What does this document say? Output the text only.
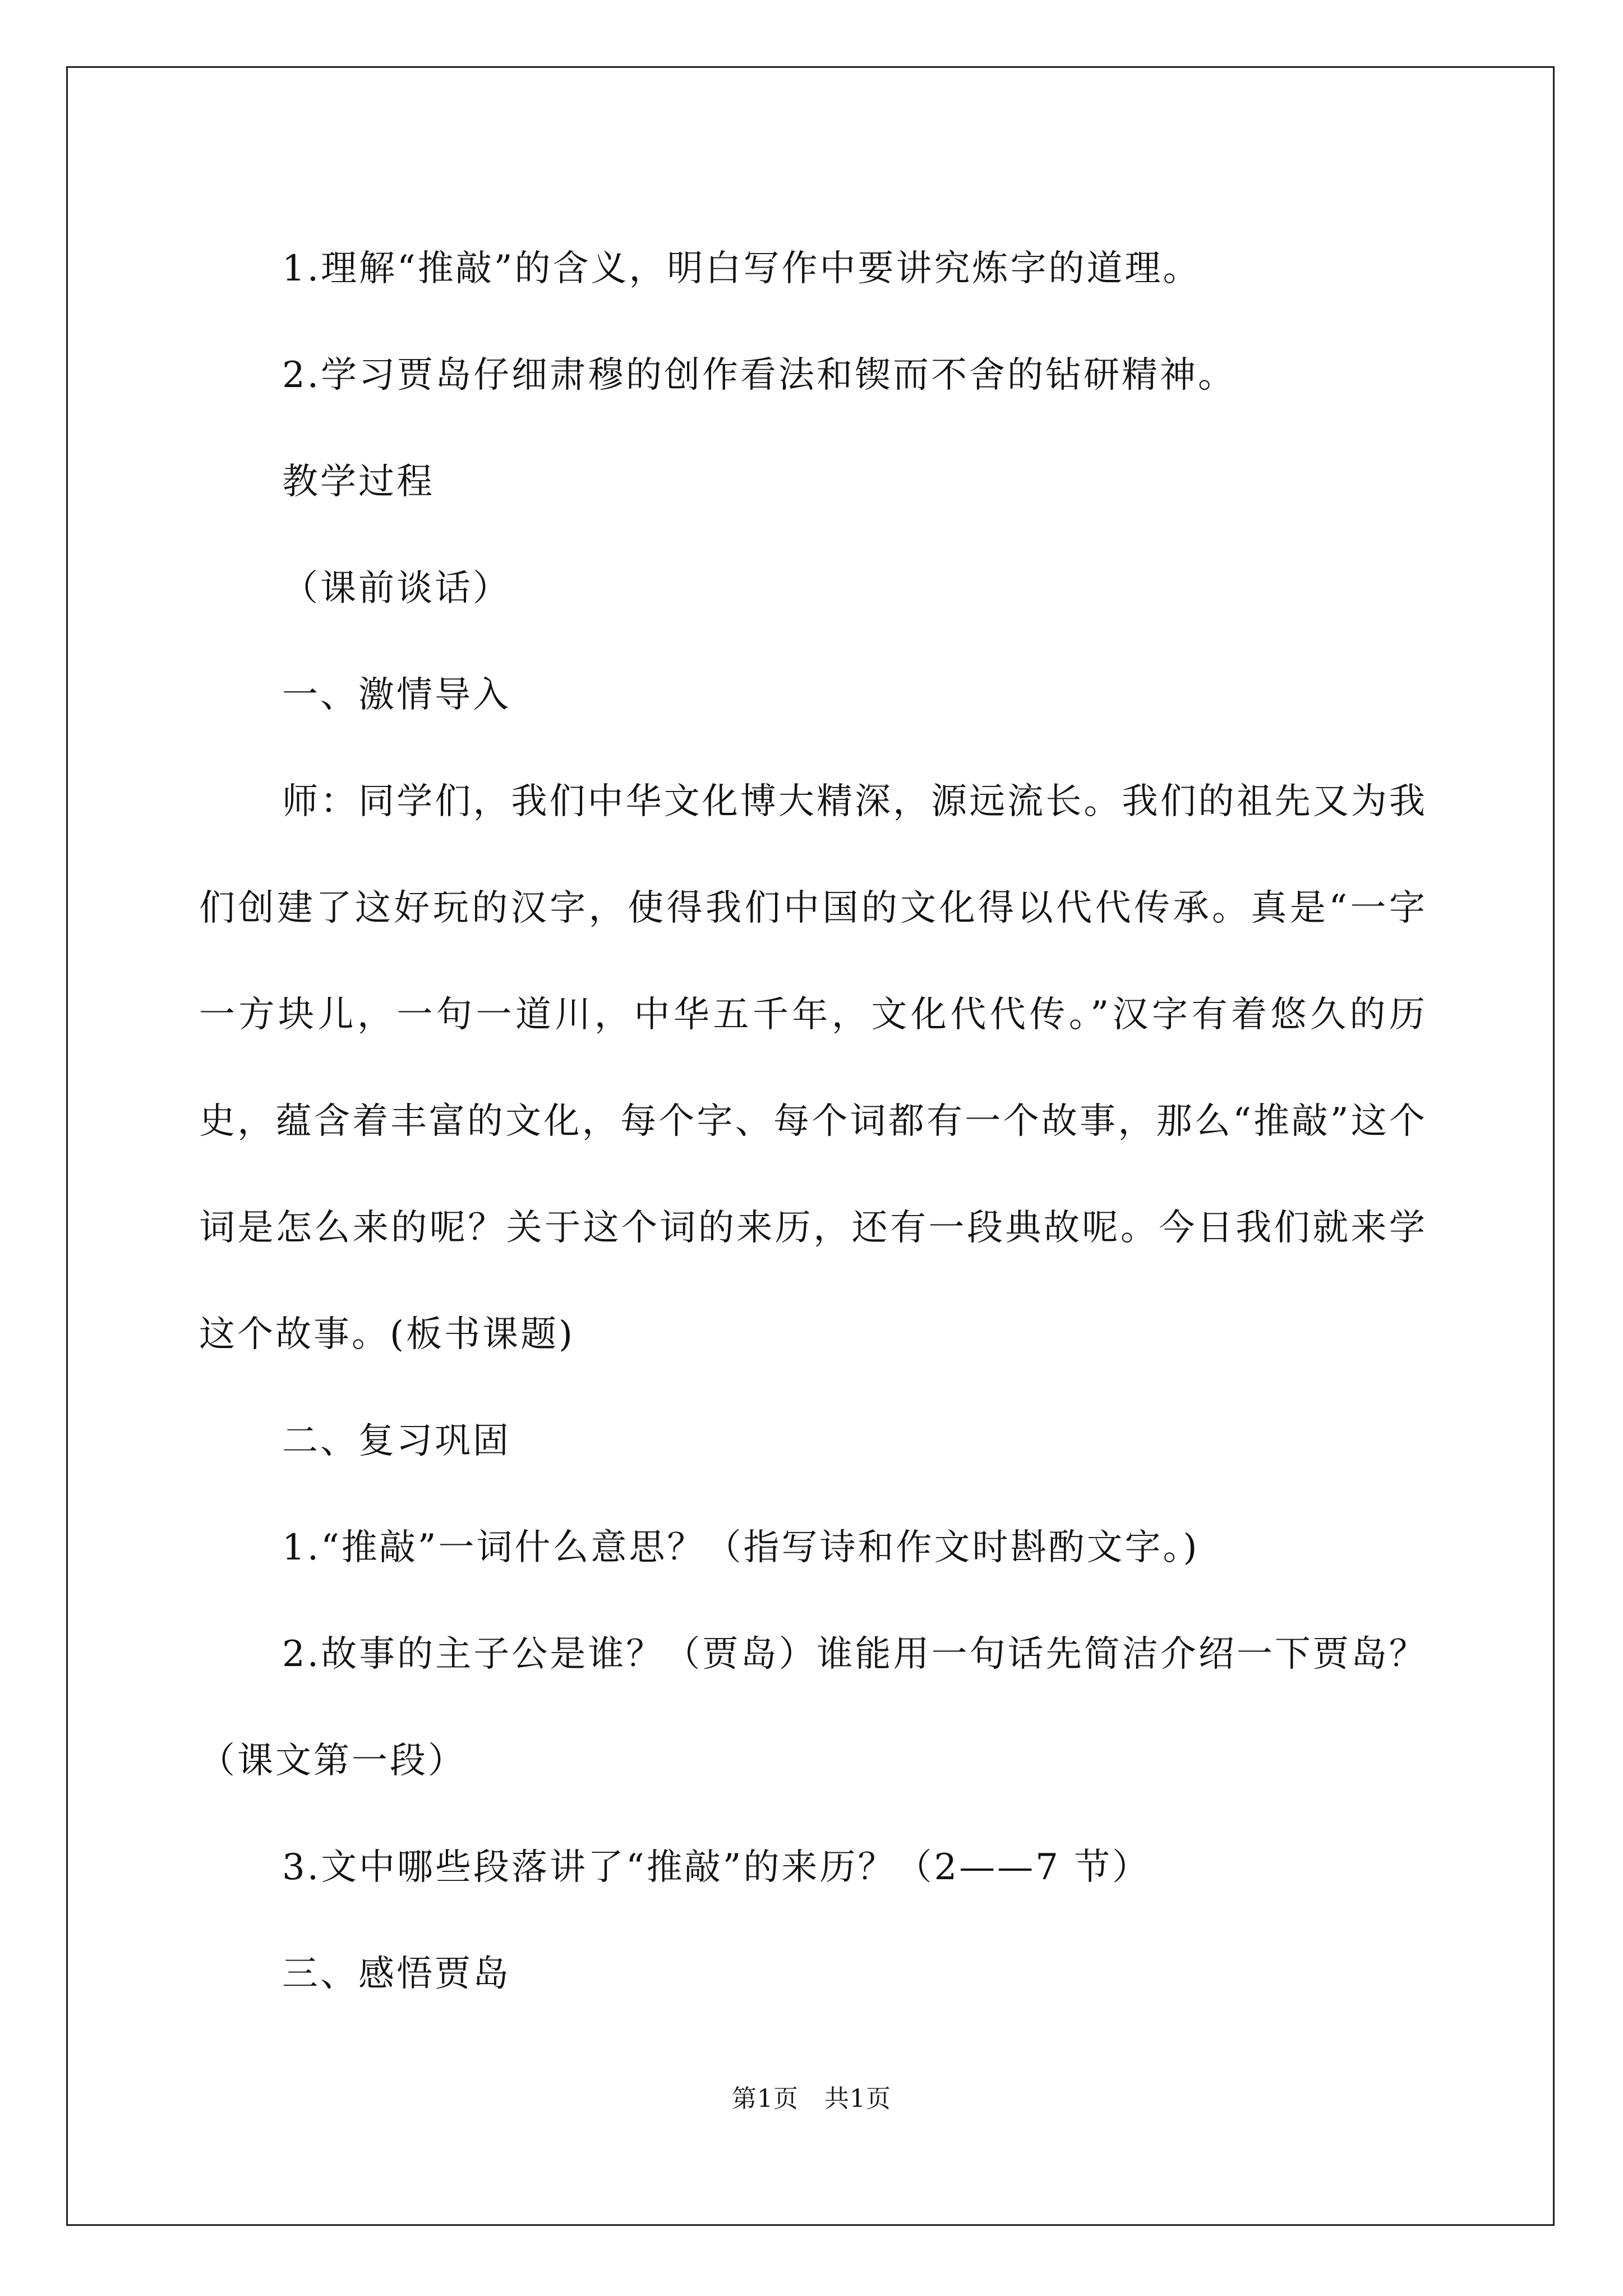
1.理解“推敲”的含义，明白写作中要讲究炼字的道理。

2.学习贾岛仔细肃穆的创作看法和锲而不舍的钻研精神。

教学过程

（课前谈话）

一、激情导入

师：同学们，我们中华文化博大精深，源远流长。我们的祖先又为我们创建了这好玩的汉字，使得我们中国的文化得以代代传承。真是“一字一方块儿，一句一道川，中华五千年，文化代代传。”汉字有着悠久的历史，蕴含着丰富的文化，每个字、每个词都有一个故事，那么“推敲”这个词是怎么来的呢？关于这个词的来历，还有一段典故呢。今日我们就来学这个故事。(板书课题)

二、复习巩固

1.“推敲”一词什么意思？（指写诗和作文时斟酌文字。)

2.故事的主子公是谁？（贾岛）谁能用一句话先简洁介绍一下贾岛？（课文第一段）

3.文中哪些段落讲了“推敲”的来历？（2——7 节）

三、感悟贾岛

第1页 共1页
